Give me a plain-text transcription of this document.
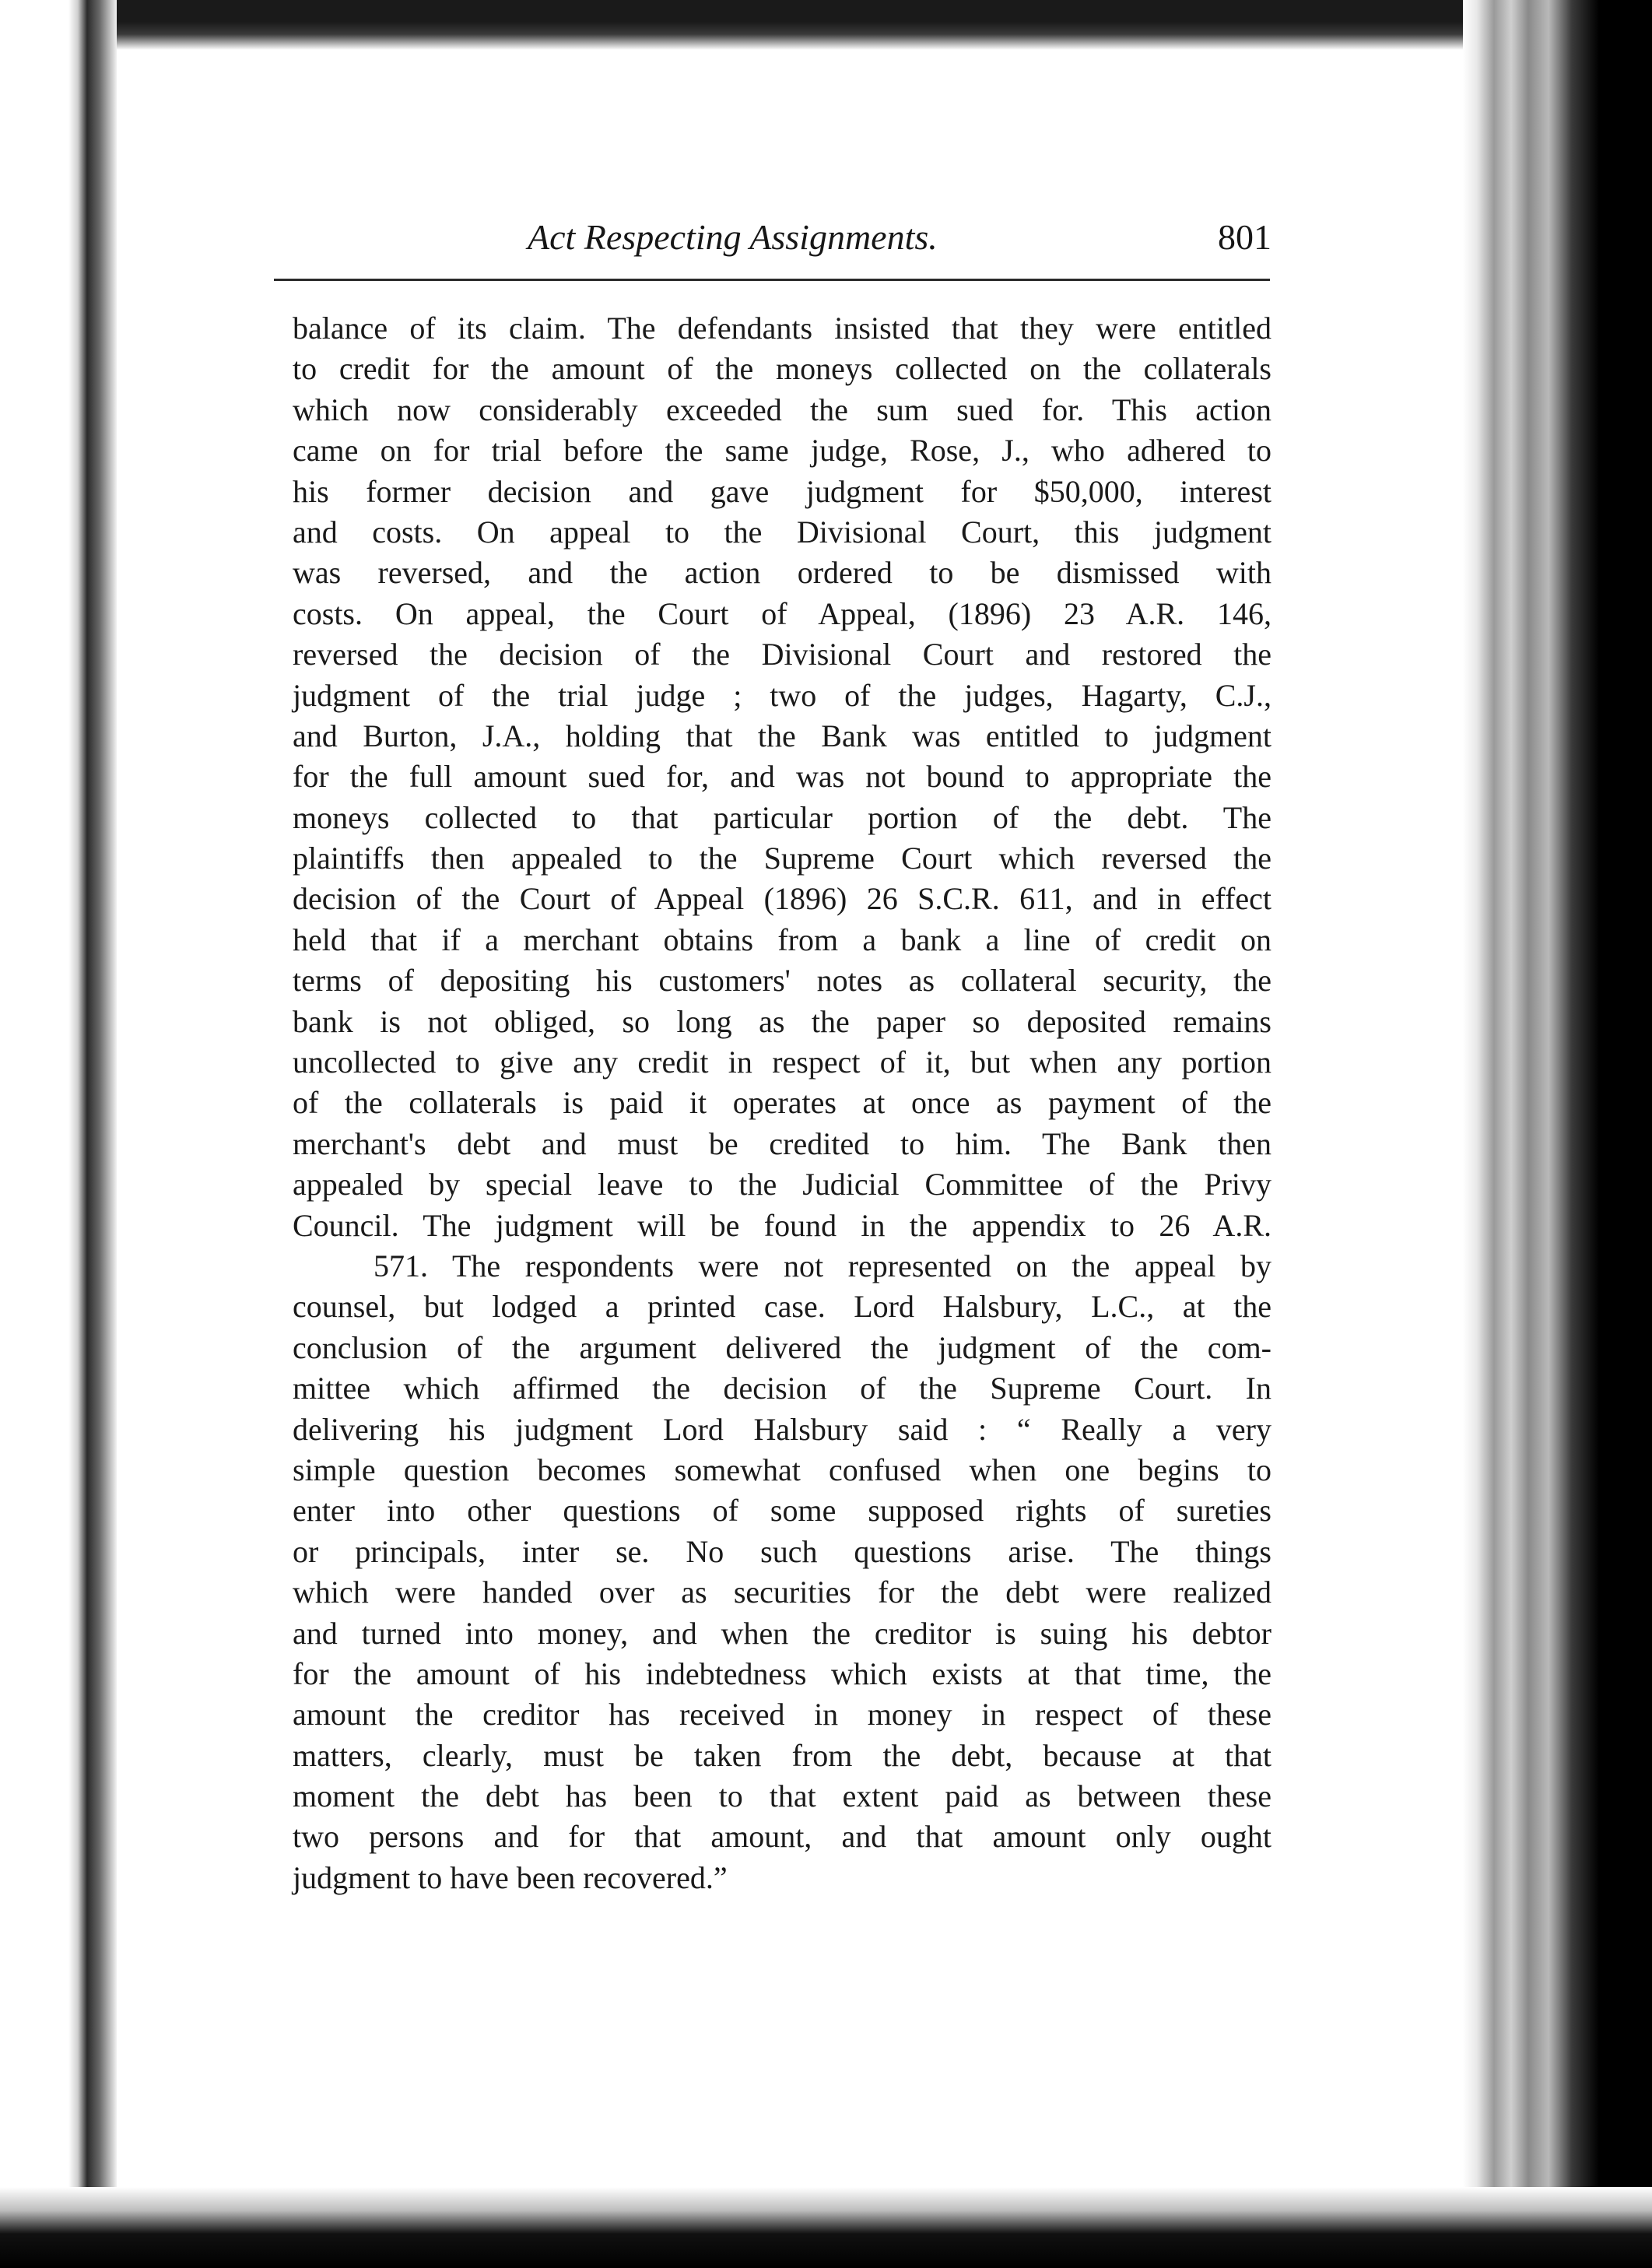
Act Respecting Assignments.	801
balance of its claim. The defendants insisted that they were entitled
to credit for the amount of the moneys collected on the collaterals
which now considerably exceeded the sum sued for. This action
came on for trial before the same judge, Rose, J., who adhered to
his former decision and gave judgment for $50,000, interest
and costs. On appeal to the Divisional Court, this judgment
was reversed, and the action ordered to be dismissed with
costs. On appeal, the Court of Appeal, (1896) 23 A.R. 146,
reversed the decision of the Divisional Court and restored the
judgment of the trial judge ; two of the judges, Hagarty, C.J.,
and Burton, J.A., holding that the Bank was entitled to judgment
for the full amount sued for, and was not bound to appropriate the
moneys collected to that particular portion of the debt. The
plaintiffs then appealed to the Supreme Court which reversed the
decision of the Court of Appeal (1896) 26 S.C.R. 611, and in effect
held that if a merchant obtains from a bank a line of credit on
terms of depositing his customers' notes as collateral security, the
bank is not obliged, so long as the paper so deposited remains
uncollected to give any credit in respect of it, but when any portion
of the collaterals is paid it operates at once as payment of the
merchant's debt and must be credited to him. The Bank then
appealed by special leave to the Judicial Committee of the Privy
Council. The judgment will be found in the appendix to 26 A.R.
571. The respondents were not represented on the appeal by
counsel, but lodged a printed case. Lord Halsbury, L.C., at the
conclusion of the argument delivered the judgment of the com-
mittee which affirmed the decision of the Supreme Court. In
delivering his judgment Lord Halsbury said : “ Really a very
simple question becomes somewhat confused when one begins to
enter into other questions of some supposed rights of sureties
or principals, inter se. No such questions arise. The things
which were handed over as securities for the debt were realized
and turned into money, and when the creditor is suing his debtor
for the amount of his indebtedness which exists at that time, the
amount the creditor has received in money in respect of these
matters, clearly, must be taken from the debt, because at that
moment the debt has been to that extent paid as between these
two persons and for that amount, and that amount only ought
judgment to have been recovered.”
